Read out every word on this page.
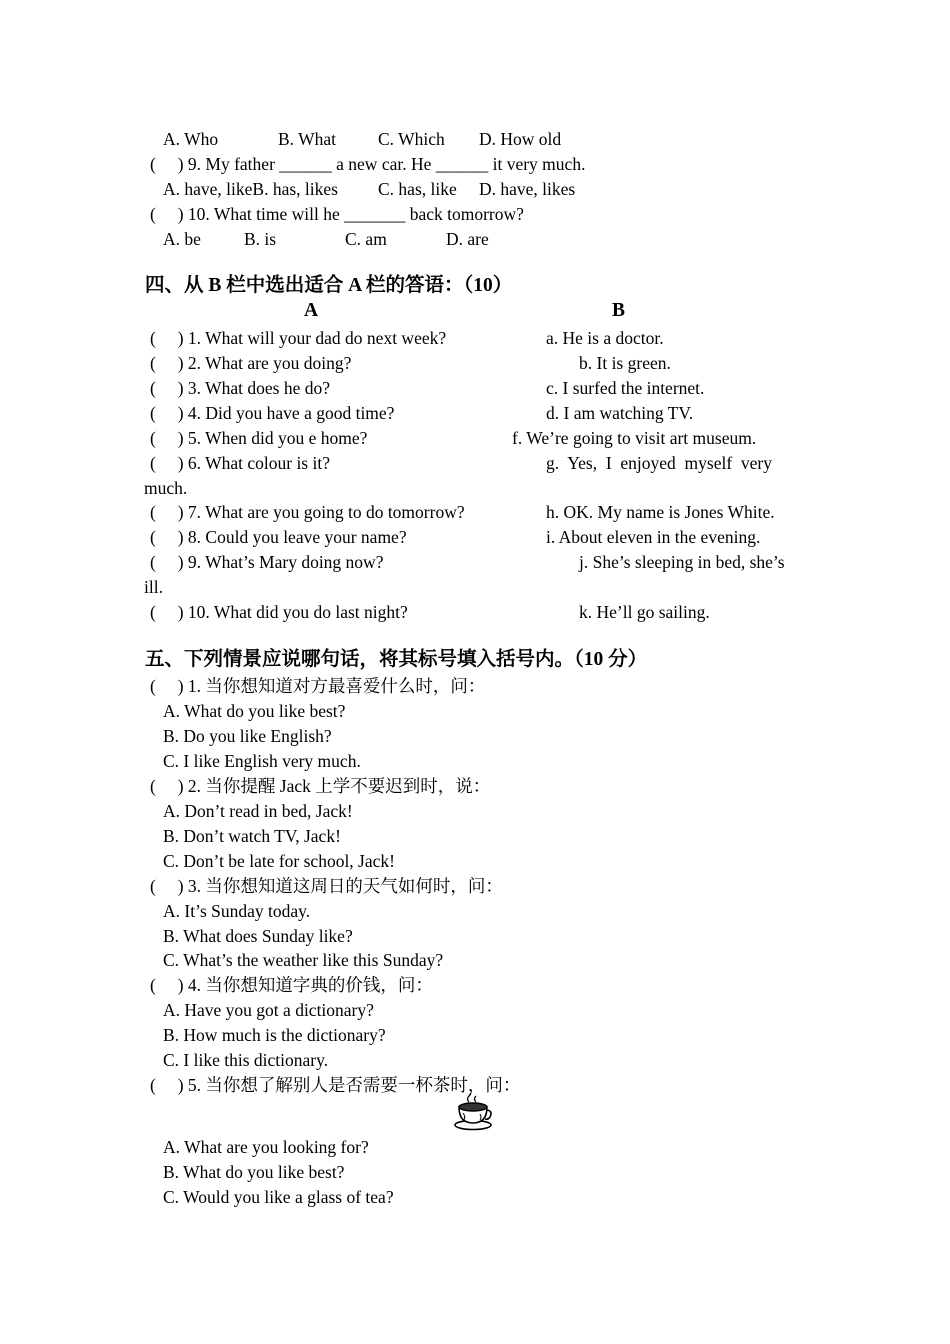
A. Who	B. What C. Which D. How old
(　 ) 9. My father ______ a new car. He ______ it very much.
A. have, likeB. has, likes C. has, like D. have, likes
(　 ) 10. What time will he _______ back tomorrow?
A. be B. is	C. am	D. are
四、从 B 栏中选出适合 A 栏的答语：（10）
A	B
(　 ) 1. What will your dad do next week?	a. He is a doctor.
(　 ) 2. What are you doing?	b. It is green.
(　 ) 3. What does he do?	c. I surfed the internet.
(　 ) 4. Did you have a good time?	d. I am watching TV.
(　 ) 5. When did you e home?	f. We’re going to visit art museum.
(　 ) 6. What colour is it?	g.  Yes,  I  enjoyed  myself  very
much.
(　 ) 7. What are you going to do tomorrow?	h. OK. My name is Jones White.
(　 ) 8. Could you leave your name?	i. About eleven in the evening.
(　 ) 9. What’s Mary doing now?	j. She’s sleeping in bed, she’s
ill.
(　 ) 10. What did you do last night?	k. He’ll go sailing.
五、下列情景应说哪句话，将其标号填入括号内。（10 分）
(　 ) 1. 当你想知道对方最喜爱什么时，问：
A. What do you like best?
B. Do you like English?
C. I like English very much.
(　 ) 2. 当你提醒 Jack 上学不要迟到时，说：
A. Don’t read in bed, Jack!
B. Don’t watch TV, Jack!
C. Don’t be late for school, Jack!
(　 ) 3. 当你想知道这周日的天气如何时，问：
A. It’s Sunday today.
B. What does Sunday like?
C. What’s the weather like this Sunday?
(　 ) 4. 当你想知道字典的价钱，问：
A. Have you got a dictionary?
B. How much is the dictionary?
C. I like this dictionary.
(　 ) 5. 当你想了解别人是否需要一杯茶时，问：
A. What are you looking for?
B. What do you like best?
C. Would you like a glass of tea?
